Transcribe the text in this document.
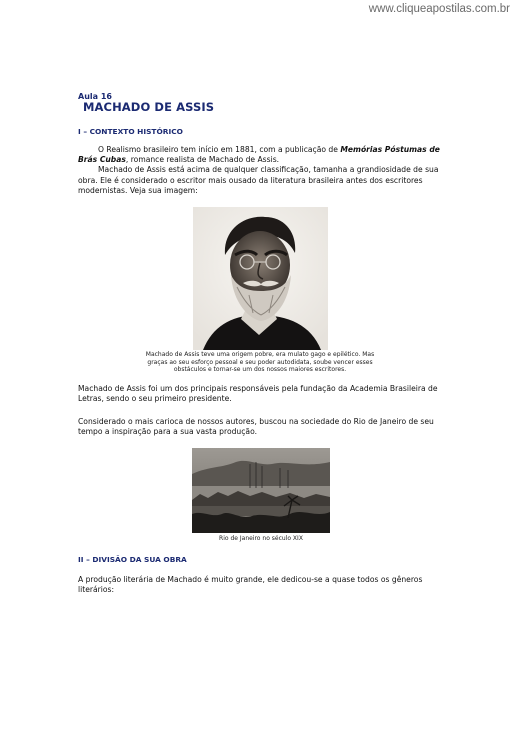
www.cliqueapostilas.com.br
Aula 16
MACHADO DE ASSIS
I – CONTEXTO HISTÓRICO

O Realismo brasileiro tem início em 1881, com a publicação de Memórias Póstumas de Brás Cubas, romance realista de Machado de Assis.

Machado de Assis está acima de qualquer classificação, tamanha a grandiosidade de sua obra. Ele é considerado o escritor mais ousado da literatura brasileira antes dos escritores modernistas. Veja sua imagem:

Machado de Assis teve uma origem pobre, era mulato gago e epilético. Mas graças ao seu esforço pessoal e seu poder autodidata, soube vencer esses obstáculos e tornar-se um dos nossos maiores escritores.

Machado de Assis foi um dos principais responsáveis pela fundação da Academia Brasileira de Letras, sendo o seu primeiro presidente.

Considerado o mais carioca de nossos autores, buscou na sociedade do Rio de Janeiro de seu tempo a inspiração para a sua vasta produção.

Rio de Janeiro no século XIX
II – DIVISÃO DA SUA OBRA

A produção literária de Machado é muito grande, ele dedicou-se a quase todos os gêneros literários:
